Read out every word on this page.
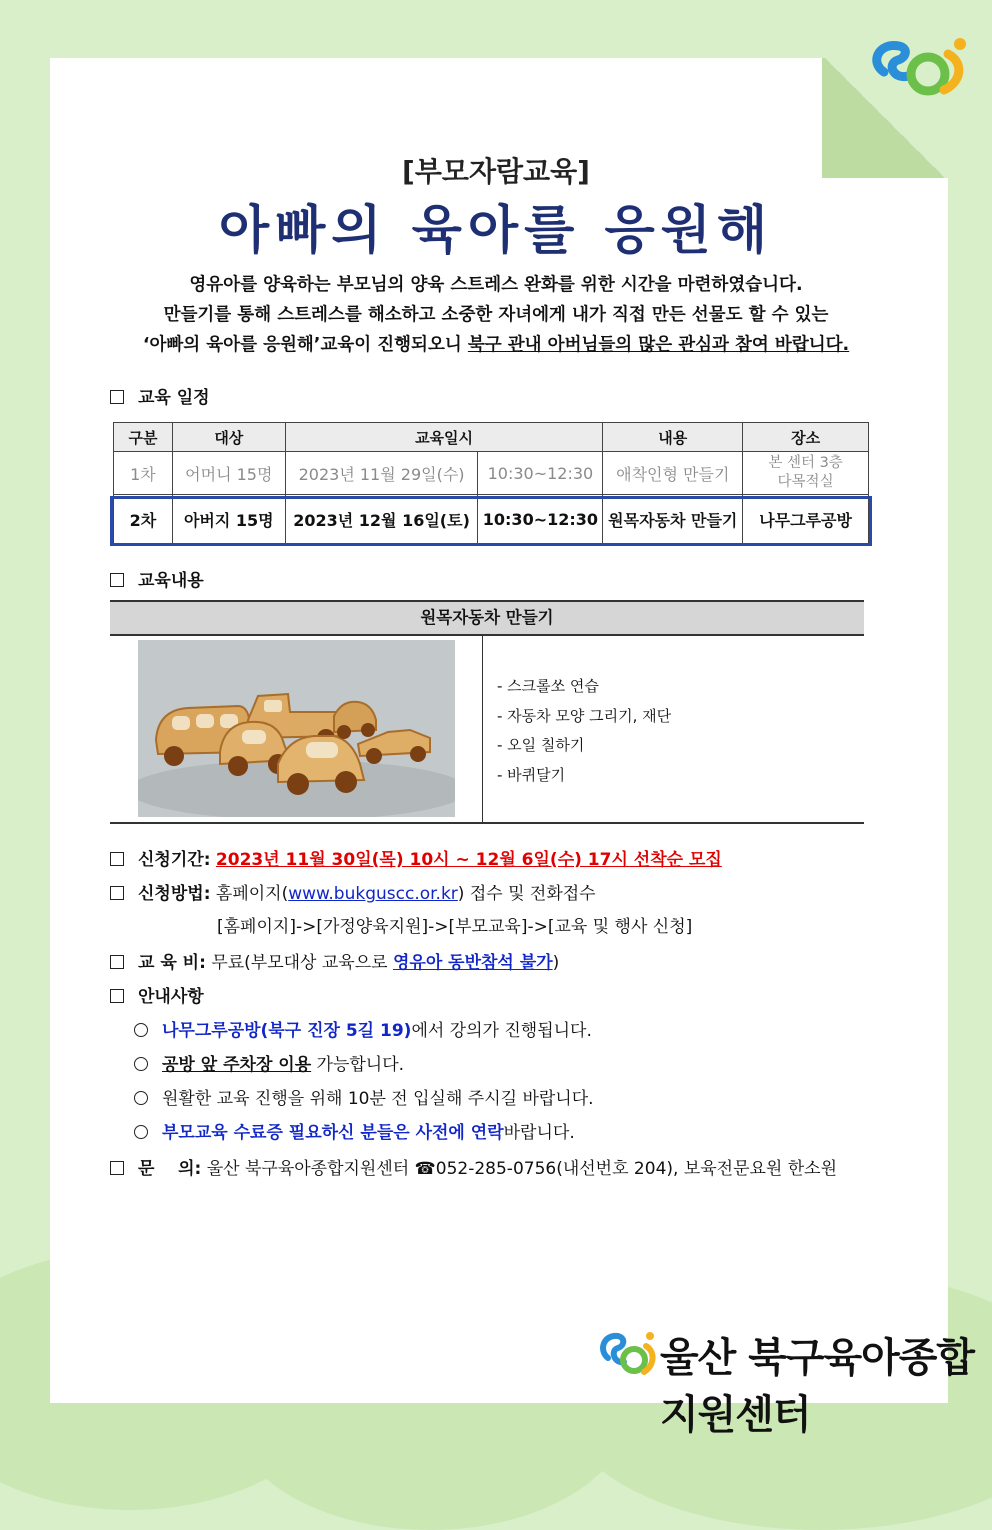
[부모자람교육]
아빠의 육아를 응원해
영유아를 양육하는 부모님의 양육 스트레스 완화를 위한 시간을 마련하였습니다.
만들기를 통해 스트레스를 해소하고 소중한 자녀에게 내가 직접 만든 선물도 할 수 있는
‘아빠의 육아를 응원해’교육이 진행되오니 북구 관내 아버님들의 많은 관심과 참여 바랍니다.
교육 일정
구분	대상	교육일시		내용	장소
1차	어머니 15명	2023년 11월 29일(수)	10:30~12:30	애착인형 만들기	본 센터 3층
다목적실

2차	아버지 15명	2023년 12월 16일(토)	10:30~12:30	원목자동차 만들기	나무그루공방
교육내용
원목자동차 만들기
- 스크롤쏘 연습
- 자동차 모양 그리기, 재단
- 오일 칠하기
- 바퀴달기
신청기간: 2023년 11월 30일(목) 10시 ~ 12월 6일(수) 17시 선착순 모집
신청방법: 홈페이지(www.bukguscc.or.kr) 접수 및 전화접수
[홈페이지]->[가정양육지원]->[부모교육]->[교육 및 행사 신청]
교 육 비: 무료(부모대상 교육으로 영유아 동반참석 불가)
안내사항
나무그루공방(북구 진장 5길 19)에서 강의가 진행됩니다.
공방 앞 주차장 이용 가능합니다.
원활한 교육 진행을 위해 10분 전 입실해 주시길 바랍니다.
부모교육 수료증 필요하신 분들은 사전에 연락바랍니다.
문    의: 울산 북구육아종합지원센터 ☎052-285-0756(내선번호 204), 보육전문요원 한소원
울산 북구육아종합지원센터
